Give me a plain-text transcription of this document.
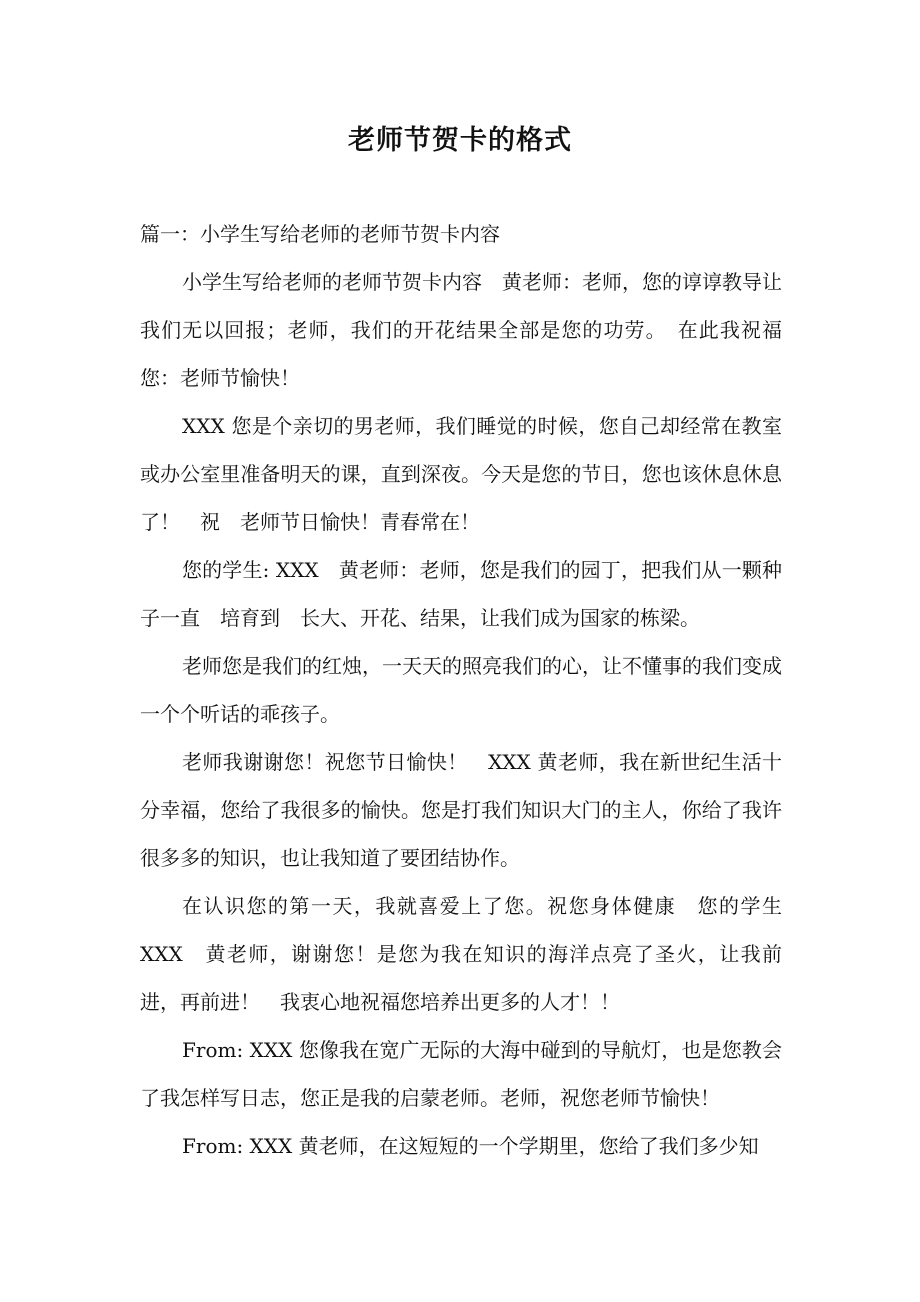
老师节贺卡的格式

篇一：小学生写给老师的老师节贺卡内容

小学生写给老师的老师节贺卡内容　黄老师：老师，您的谆谆教导让我们无以回报；老师，我们的开花结果全部是您的功劳。　在此我祝福您：老师节愉快！

XXX 您是个亲切的男老师，我们睡觉的时候，您自己却经常在教室或办公室里准备明天的课，直到深夜。今天是您的节日，您也该休息休息了！　祝　老师节日愉快！青春常在！

您的学生: XXX　黄老师：老师，您是我们的园丁，把我们从一颗种子一直　培育到　长大、开花、结果，让我们成为国家的栋梁。

老师您是我们的红烛，一天天的照亮我们的心，让不懂事的我们变成一个个听话的乖孩子。

老师我谢谢您！祝您节日愉快！　XXX 黄老师，我在新世纪生活十分幸福，您给了我很多的愉快。您是打我们知识大门的主人，你给了我许很多多的知识，也让我知道了要团结协作。

在认识您的第一天，我就喜爱上了您。祝您身体健康　您的学生 XXX　黄老师，谢谢您！是您为我在知识的海洋点亮了圣火，让我前进，再前进！　我衷心地祝福您培养出更多的人才！！

From: XXX 您像我在宽广无际的大海中碰到的导航灯，也是您教会了我怎样写日志，您正是我的启蒙老师。老师，祝您老师节愉快！

From: XXX 黄老师，在这短短的一个学期里，您给了我们多少知
